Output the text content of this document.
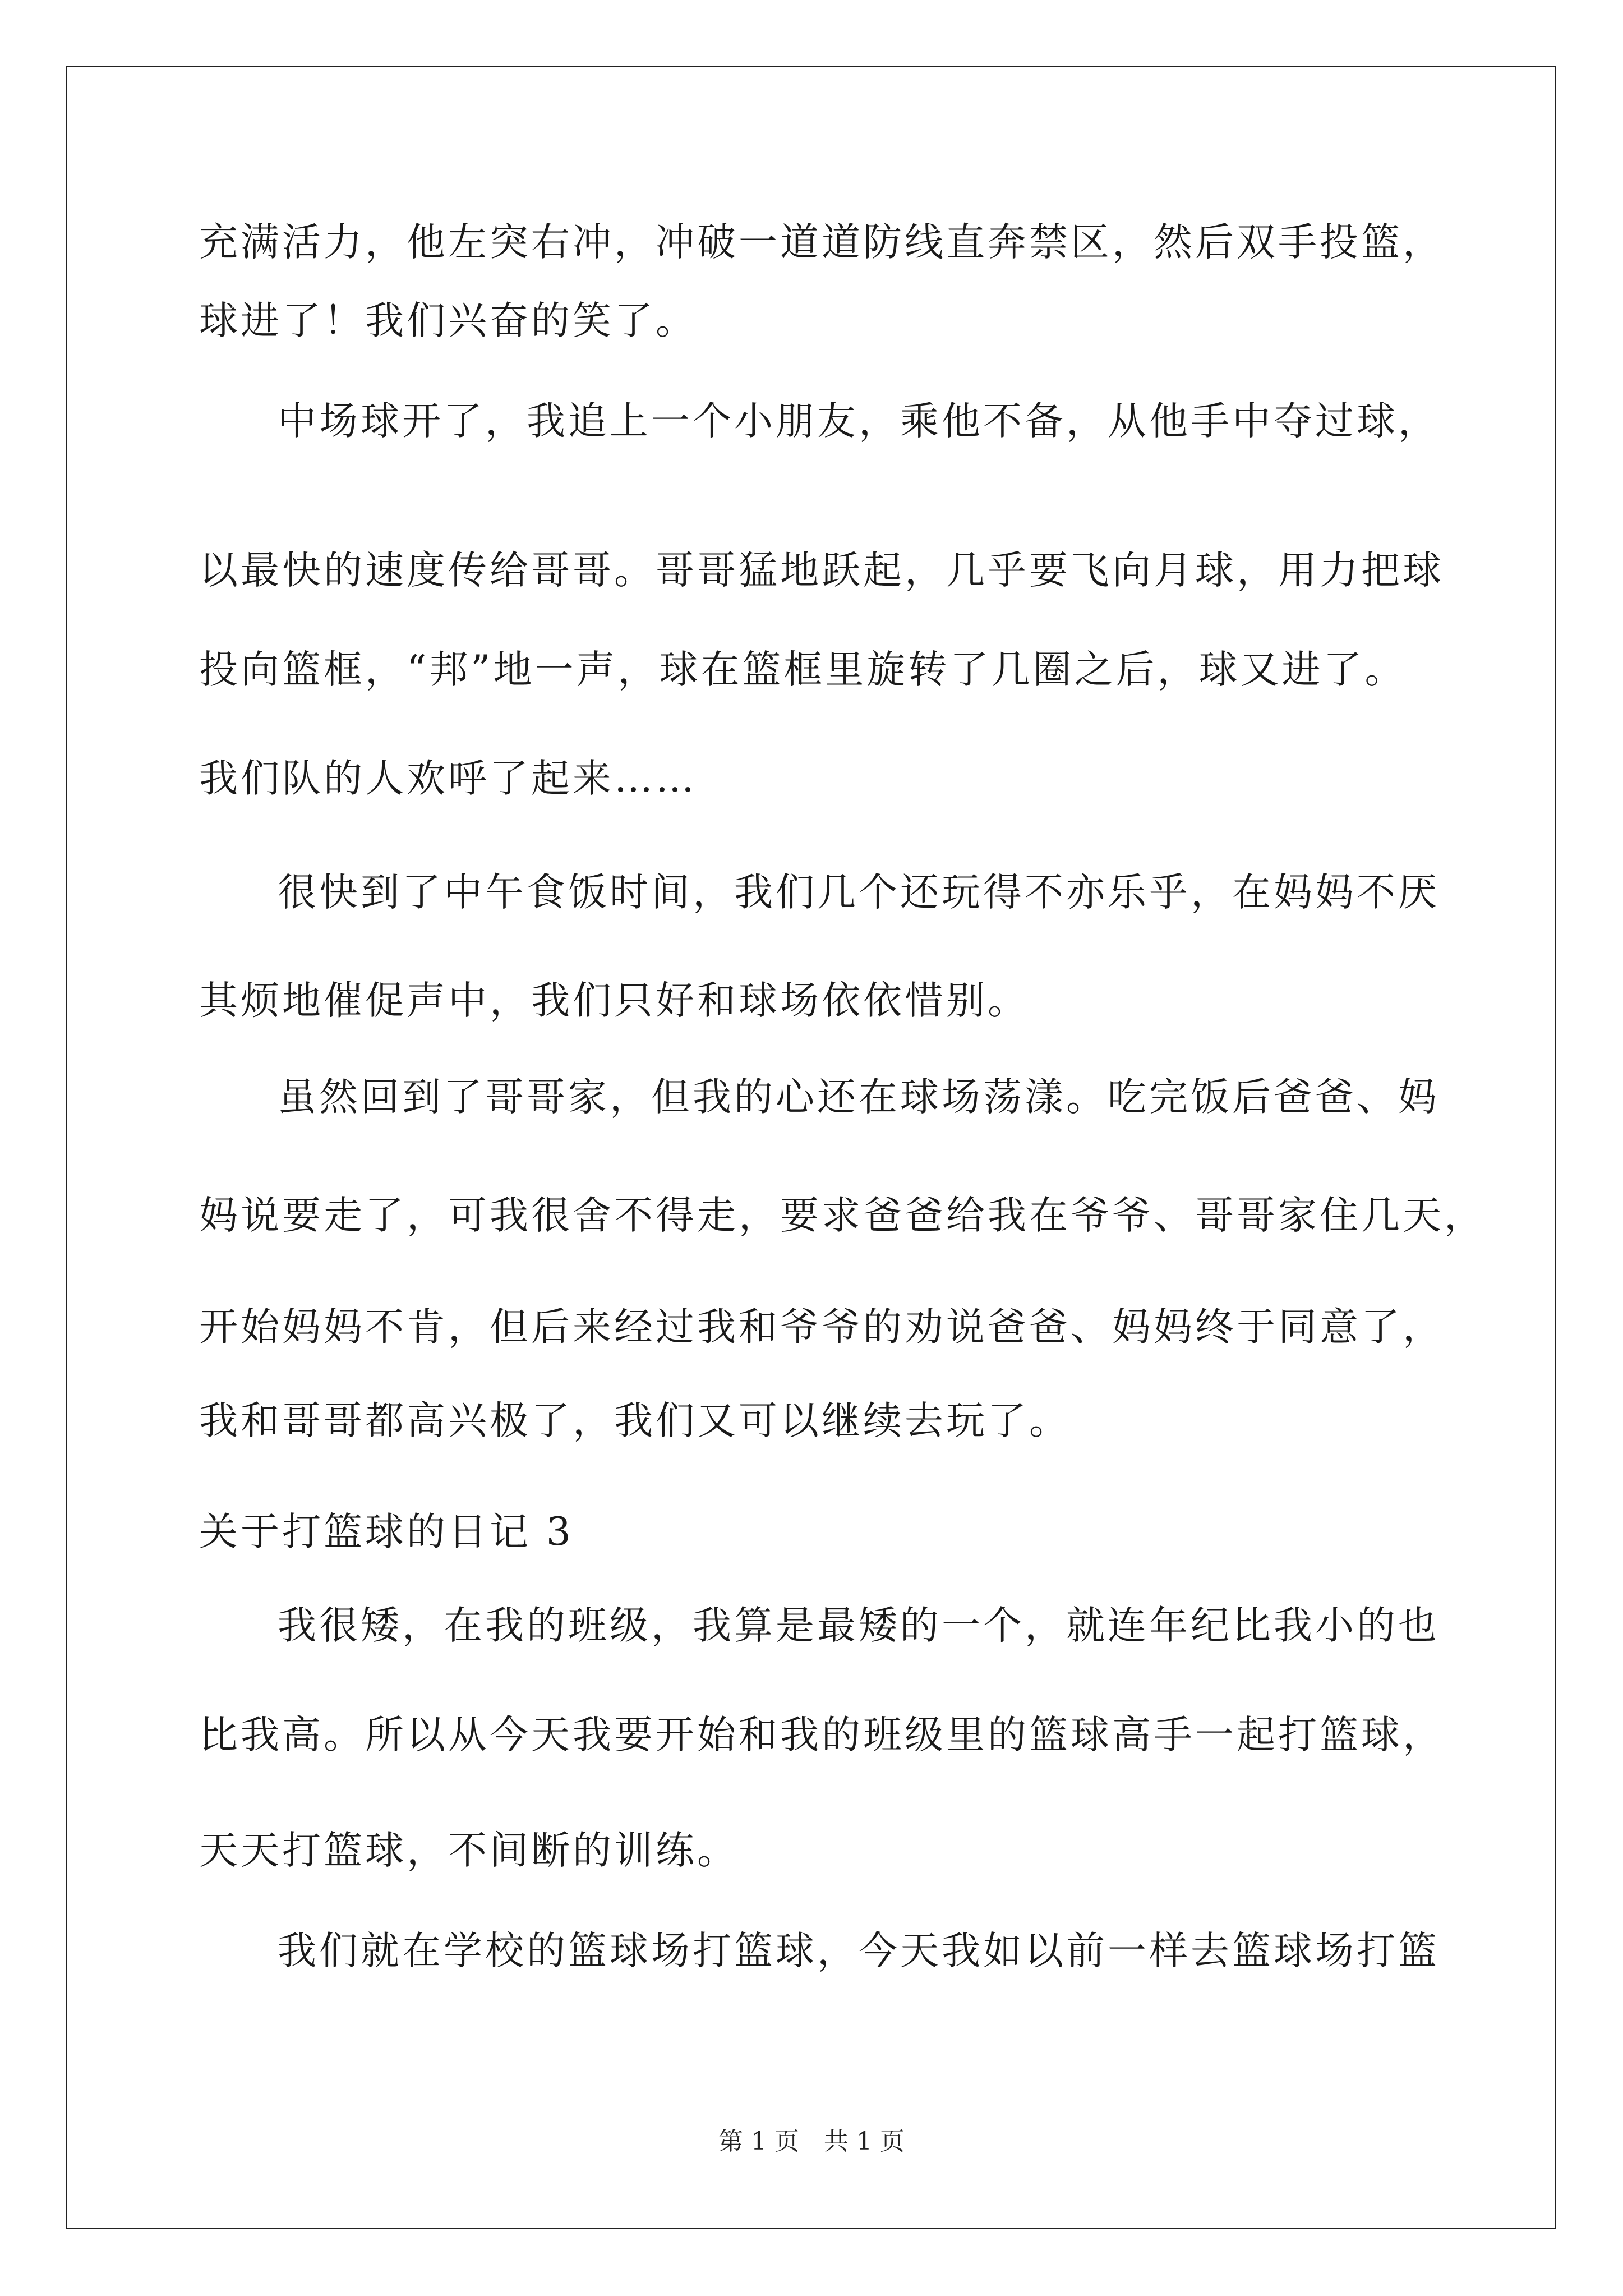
充满活力，他左突右冲，冲破一道道防线直奔禁区，然后双手投篮，
球进了！我们兴奋的笑了。
中场球开了，我追上一个小朋友，乘他不备，从他手中夺过球，
以最快的速度传给哥哥。哥哥猛地跃起，几乎要飞向月球，用力把球
投向篮框，“邦”地一声，球在篮框里旋转了几圈之后，球又进了。
我们队的人欢呼了起来……
很快到了中午食饭时间，我们几个还玩得不亦乐乎，在妈妈不厌
其烦地催促声中，我们只好和球场依依惜别。
虽然回到了哥哥家，但我的心还在球场荡漾。吃完饭后爸爸、妈
妈说要走了，可我很舍不得走，要求爸爸给我在爷爷、哥哥家住几天，
开始妈妈不肯，但后来经过我和爷爷的劝说爸爸、妈妈终于同意了，
我和哥哥都高兴极了，我们又可以继续去玩了。
关于打篮球的日记 3
我很矮，在我的班级，我算是最矮的一个，就连年纪比我小的也
比我高。所以从今天我要开始和我的班级里的篮球高手一起打篮球，
天天打篮球，不间断的训练。
我们就在学校的篮球场打篮球，今天我如以前一样去篮球场打篮
第 1 页　共 1 页
